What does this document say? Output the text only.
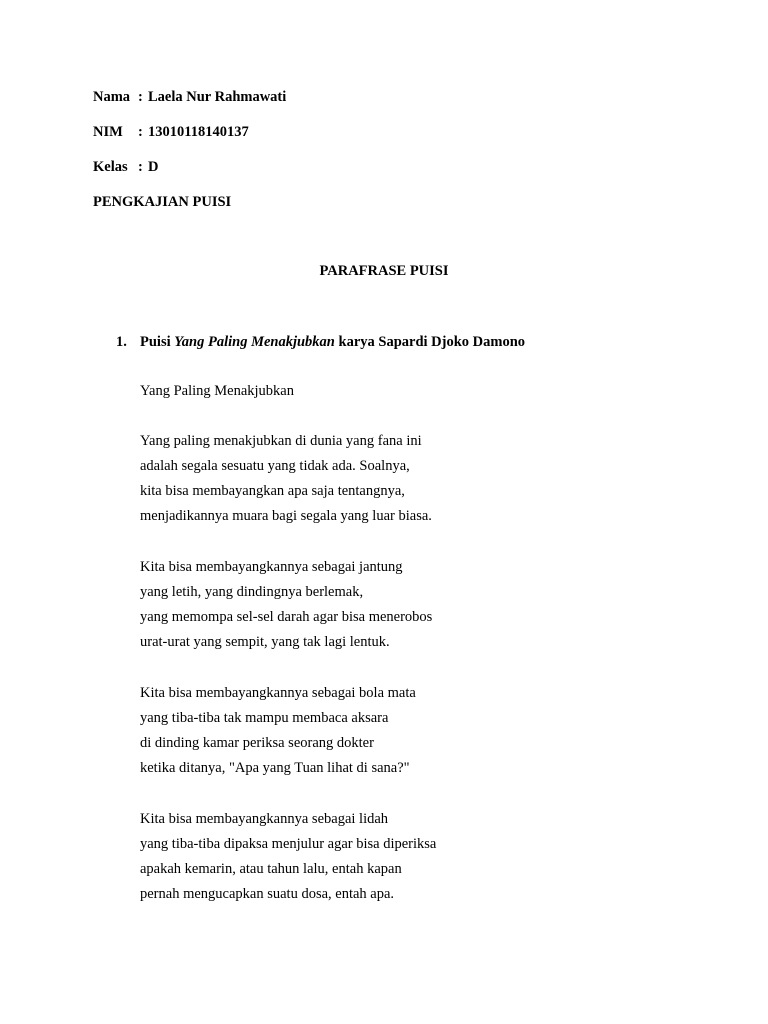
Nama : Laela Nur Rahmawati
NIM : 13010118140137
Kelas : D
PENGKAJIAN PUISI
PARAFRASE PUISI
1. Puisi Yang Paling Menakjubkan karya Sapardi Djoko Damono
Yang Paling Menakjubkan
Yang paling menakjubkan di dunia yang fana ini
adalah segala sesuatu yang tidak ada. Soalnya,
kita bisa membayangkan apa saja tentangnya,
menjadikannya muara bagi segala yang luar biasa.
Kita bisa membayangkannya sebagai jantung
yang letih, yang dindingnya berlemak,
yang memompa sel-sel darah agar bisa menerobos
urat-urat yang sempit, yang tak lagi lentuk.
Kita bisa membayangkannya sebagai bola mata
yang tiba-tiba tak mampu membaca aksara
di dinding kamar periksa seorang dokter
ketika ditanya, "Apa yang Tuan lihat di sana?"
Kita bisa membayangkannya sebagai lidah
yang tiba-tiba dipaksa menjulur agar bisa diperiksa
apakah kemarin, atau tahun lalu, entah kapan
pernah mengucapkan suatu dosa, entah apa.
